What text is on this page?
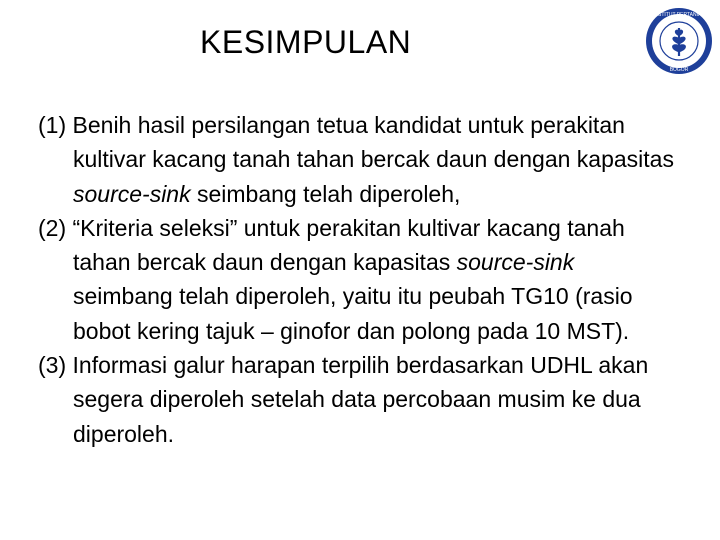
KESIMPULAN
INSTITUT PERTANIAN
BOGOR

(1) Benih hasil persilangan tetua kandidat untuk perakitan kultivar kacang tanah tahan bercak daun dengan kapasitas source-sink seimbang telah diperoleh,

(2) “Kriteria seleksi” untuk perakitan kultivar kacang tanah tahan bercak daun dengan kapasitas source-sink seimbang telah diperoleh, yaitu itu peubah TG10 (rasio bobot kering tajuk – ginofor dan polong pada 10 MST).

(3) Informasi galur harapan terpilih berdasarkan UDHL akan segera diperoleh setelah data percobaan musim ke dua diperoleh.
